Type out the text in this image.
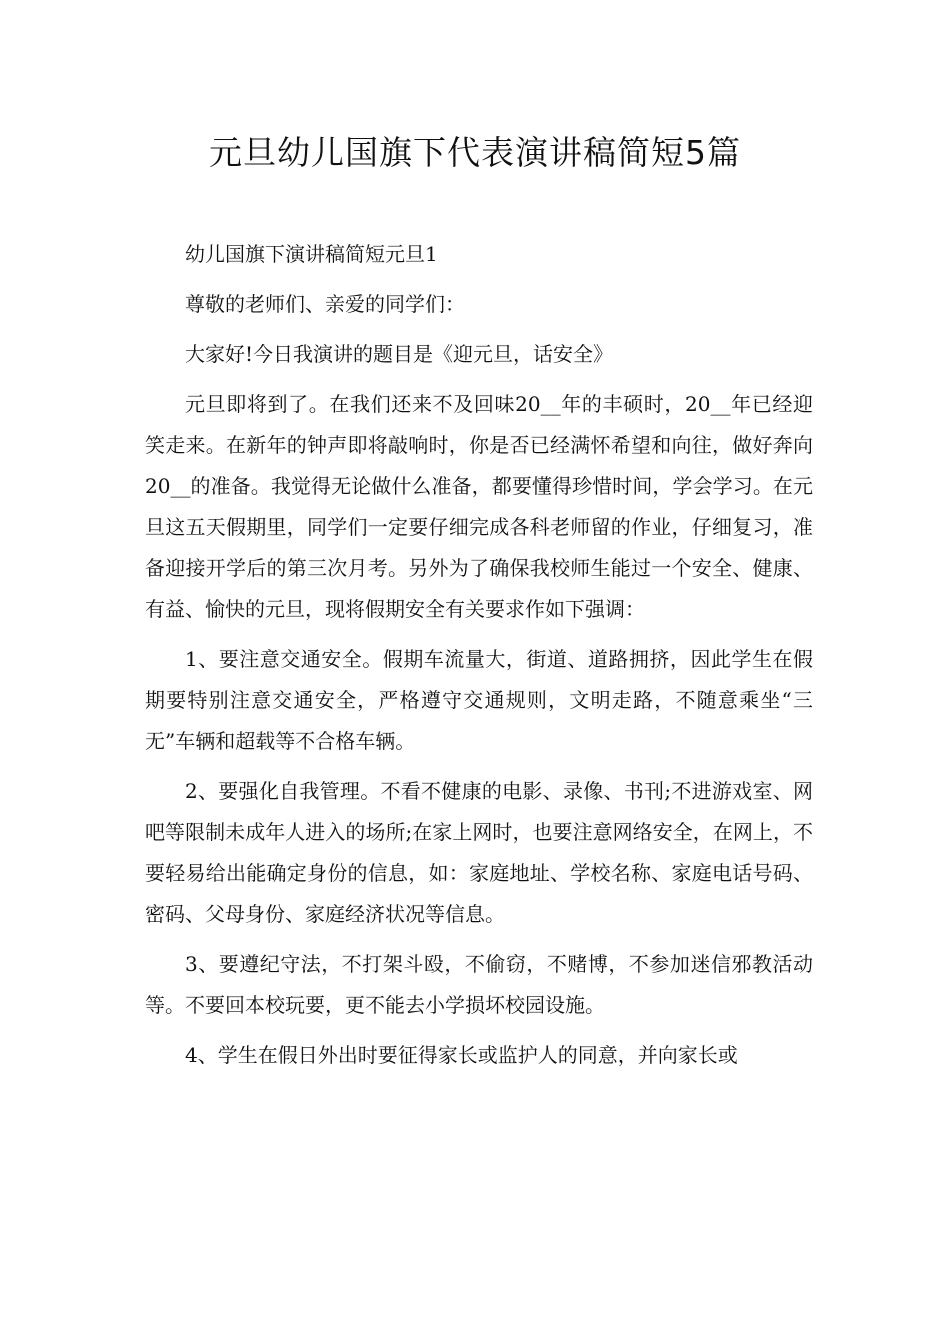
元旦幼儿国旗下代表演讲稿简短5篇

幼儿国旗下演讲稿简短元旦1

尊敬的老师们、亲爱的同学们：

大家好!今日我演讲的题目是《迎元旦，话安全》

元旦即将到了。在我们还来不及回味20__年的丰硕时，20__年已经迎笑走来。在新年的钟声即将敲响时，你是否已经满怀希望和向往，做好奔向20__的准备。我觉得无论做什么准备，都要懂得珍惜时间，学会学习。在元旦这五天假期里，同学们一定要仔细完成各科老师留的作业，仔细复习，准备迎接开学后的第三次月考。另外为了确保我校师生能过一个安全、健康、有益、愉快的元旦，现将假期安全有关要求作如下强调：

1、要注意交通安全。假期车流量大，街道、道路拥挤，因此学生在假期要特别注意交通安全，严格遵守交通规则，文明走路，不随意乘坐“三无”车辆和超载等不合格车辆。

2、要强化自我管理。不看不健康的电影、录像、书刊;不进游戏室、网吧等限制未成年人进入的场所;在家上网时，也要注意网络安全，在网上，不要轻易给出能确定身份的信息，如：家庭地址、学校名称、家庭电话号码、密码、父母身份、家庭经济状况等信息。

3、要遵纪守法，不打架斗殴，不偷窃，不赌博，不参加迷信邪教活动等。不要回本校玩要，更不能去小学损坏校园设施。

4、学生在假日外出时要征得家长或监护人的同意，并向家长或
